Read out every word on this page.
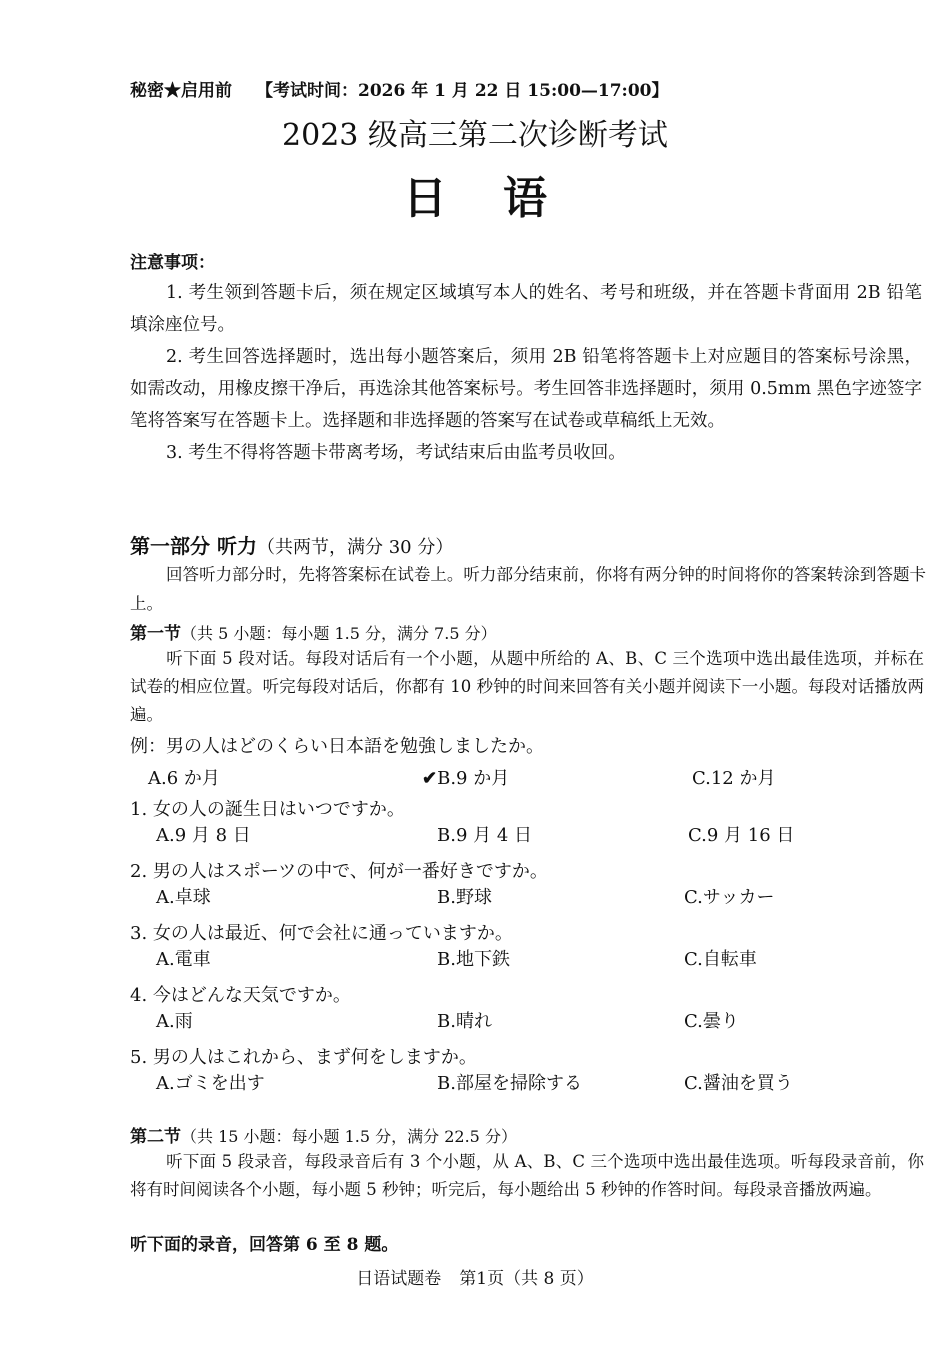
秘密★启用前 【考试时间：2026 年 1 月 22 日 15:00—17:00】
2023 级高三第二次诊断考试
日语
注意事项：
1. 考生领到答题卡后，须在规定区域填写本人的姓名、考号和班级，并在答题卡背面用 2B 铅笔填涂座位号。
2. 考生回答选择题时，选出每小题答案后，须用 2B 铅笔将答题卡上对应题目的答案标号涂黑，如需改动，用橡皮擦干净后，再选涂其他答案标号。考生回答非选择题时，须用 0.5mm 黑色字迹签字笔将答案写在答题卡上。选择题和非选择题的答案写在试卷或草稿纸上无效。
3. 考生不得将答题卡带离考场，考试结束后由监考员收回。
第一部分 听力（共两节，满分 30 分）
回答听力部分时，先将答案标在试卷上。听力部分结束前，你将有两分钟的时间将你的答案转涂到答题卡上。
第一节（共 5 小题：每小题 1.5 分，满分 7.5 分）
听下面 5 段对话。每段对话后有一个小题，从题中所给的 A、B、C 三个选项中选出最佳选项，并标在试卷的相应位置。听完每段对话后，你都有 10 秒钟的时间来回答有关小题并阅读下一小题。每段对话播放两遍。
例：男の人はどのくらい日本語を勉強しましたか。
A.6 か月	✔B.9 か月	C.12 か月
1. 女の人の誕生日はいつですか。
A.9 月 8 日	B.9 月 4 日	C.9 月 16 日
2. 男の人はスポーツの中で、何が一番好きですか。
A.卓球	B.野球	C.サッカー
3. 女の人は最近、何で会社に通っていますか。
A.電車	B.地下鉄	C.自転車
4. 今はどんな天気ですか。
A.雨	B.晴れ	C.曇り
5. 男の人はこれから、まず何をしますか。
A.ゴミを出す	B.部屋を掃除する	C.醤油を買う
第二节（共 15 小题：每小题 1.5 分，满分 22.5 分）
听下面 5 段录音，每段录音后有 3 个小题，从 A、B、C 三个选项中选出最佳选项。听每段录音前，你将有时间阅读各个小题，每小题 5 秒钟；听完后，每小题给出 5 秒钟的作答时间。每段录音播放两遍。
听下面的录音，回答第 6 至 8 题。
日语试题卷 第1页（共 8 页）
